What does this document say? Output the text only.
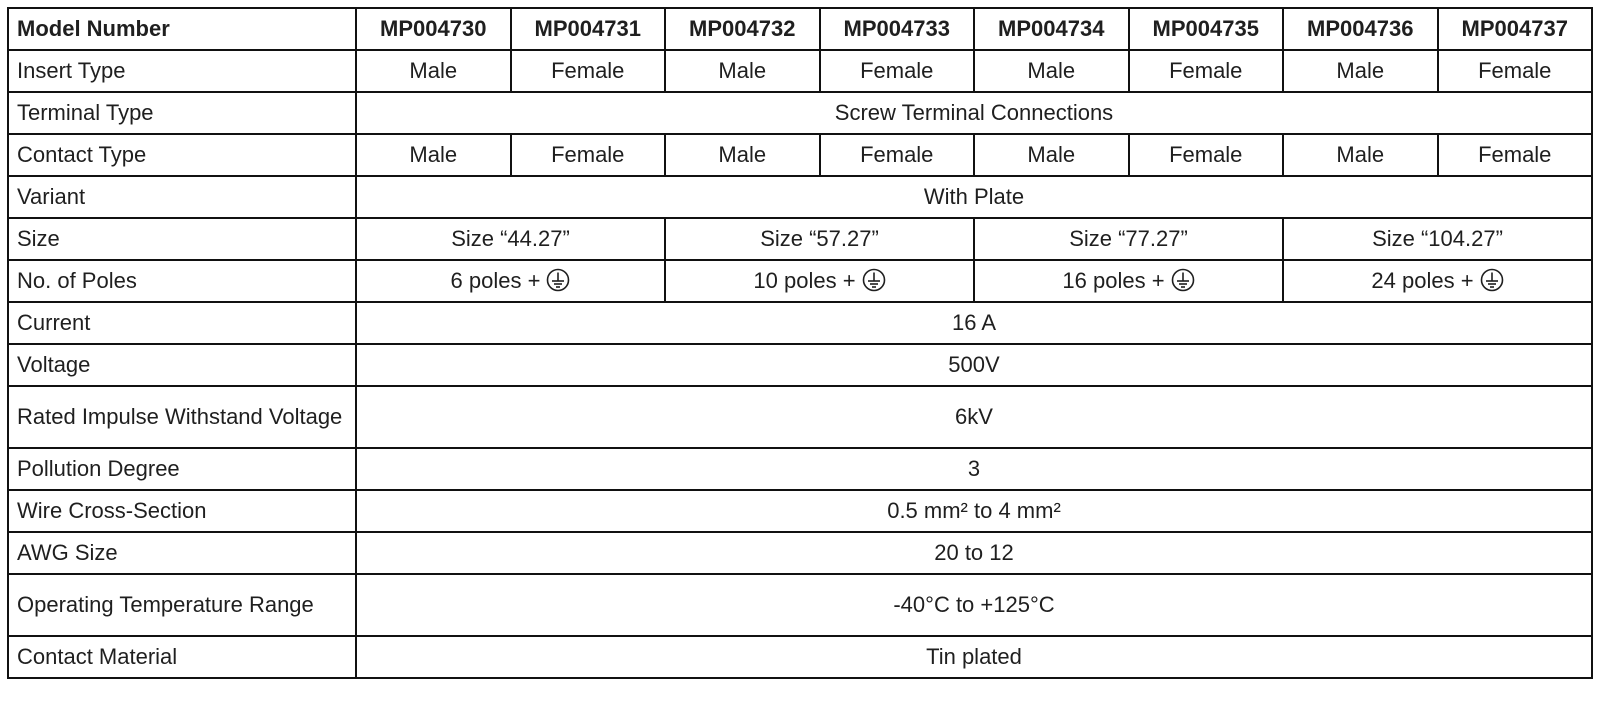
Model Number	MP004730	MP004731	MP004732	MP004733	MP004734	MP004735	MP004736	MP004737
Insert Type	Male	Female	Male	Female	Male	Female	Male	Female
Terminal Type	Screw Terminal Connections							
Contact Type	Male	Female	Male	Female	Male	Female	Male	Female
Variant	With Plate							
Size	Size “44.27”		Size “57.27”		Size “77.27”		Size “104.27”	
No. of Poles	6 poles +		10 poles +		16 poles +		24 poles +	
Current	16 A							
Voltage	500V							
Rated Impulse Withstand Voltage	6kV							
Pollution Degree	3							
Wire Cross-Section	0.5 mm² to 4 mm²							
AWG Size	20 to 12							
Operating Temperature Range	-40°C to +125°C							
Contact Material	Tin plated							
